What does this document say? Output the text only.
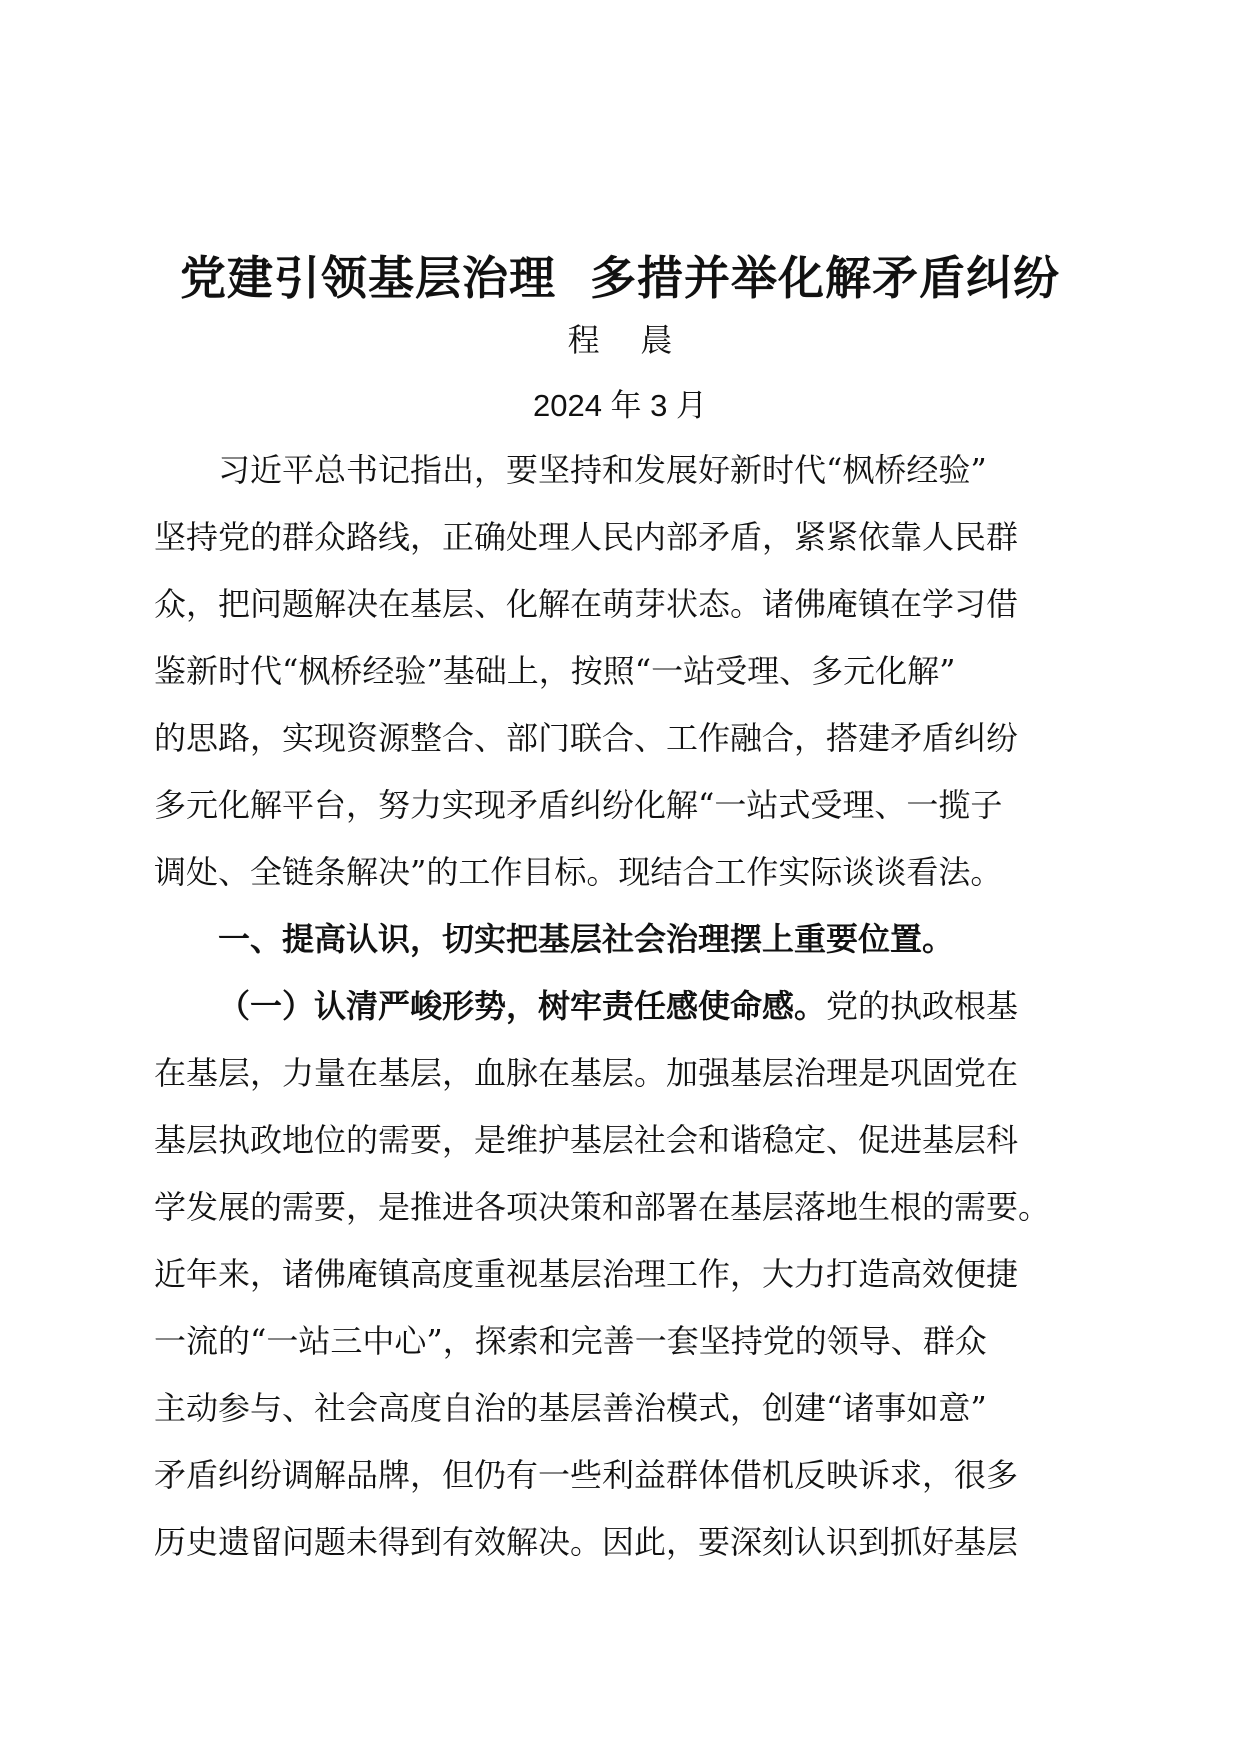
党建引领基层治理  多措并举化解矛盾纠纷
程    晨
2024 年 3 月
习近平总书记指出，要坚持和发展好新时代“枫桥经验”
坚持党的群众路线，正确处理人民内部矛盾，紧紧依靠人民群
众，把问题解决在基层、化解在萌芽状态。诸佛庵镇在学习借
鉴新时代“枫桥经验”基础上，按照“一站受理、多元化解”
的思路，实现资源整合、部门联合、工作融合，搭建矛盾纠纷
多元化解平台，努力实现矛盾纠纷化解“一站式受理、一揽子
调处、全链条解决”的工作目标。现结合工作实际谈谈看法。
一、提高认识，切实把基层社会治理摆上重要位置。
（一）认清严峻形势，树牢责任感使命感。党的执政根基
在基层，力量在基层，血脉在基层。加强基层治理是巩固党在
基层执政地位的需要，是维护基层社会和谐稳定、促进基层科
学发展的需要，是推进各项决策和部署在基层落地生根的需要。
近年来，诸佛庵镇高度重视基层治理工作，大力打造高效便捷
一流的“一站三中心”，探索和完善一套坚持党的领导、群众
主动参与、社会高度自治的基层善治模式，创建“诸事如意”
矛盾纠纷调解品牌，但仍有一些利益群体借机反映诉求，很多
历史遗留问题未得到有效解决。因此，要深刻认识到抓好基层
